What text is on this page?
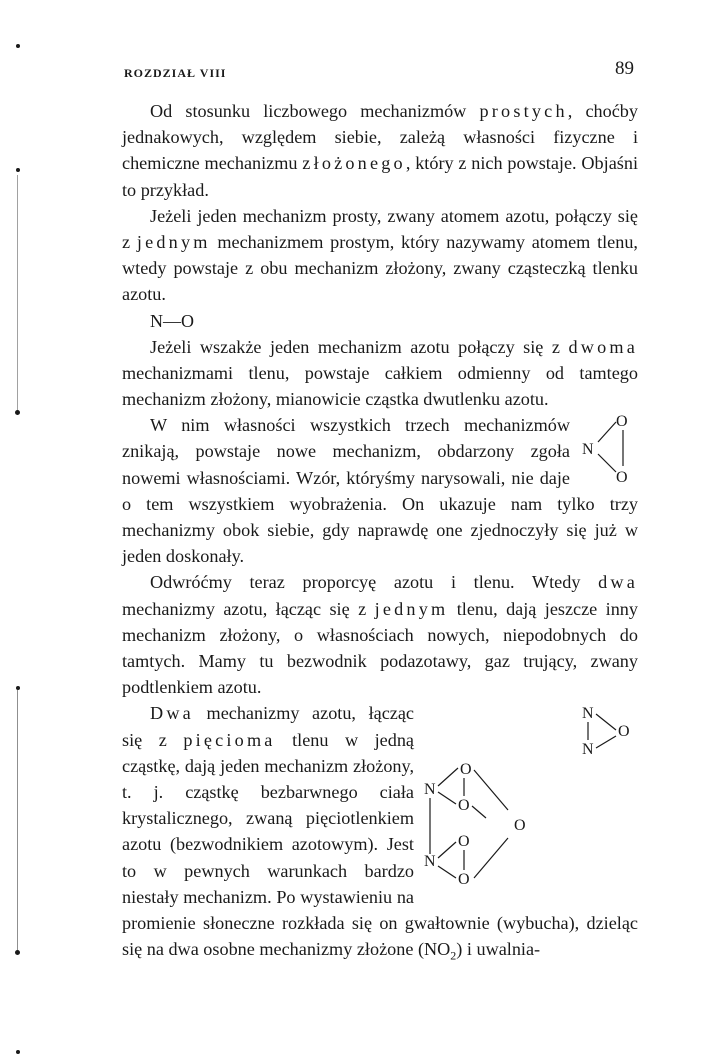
ROZDZIAŁ VIII	89

Od stosunku liczbowego mechanizmów prostych, choćby jednakowych, względem siebie, zależą własności fizyczne i chemiczne mechanizmu złożonego, który z nich powstaje. Objaśni to przykład.

Jeżeli jeden mechanizm prosty, zwany atomem azotu, połączy się z jednym mechanizmem prostym, który nazywamy atomem tlenu, wtedy powstaje z obu mechanizm złożony, zwany cząsteczką tlenku azotu.

N—O

Jeżeli wszakże jeden mechanizm azotu połączy się z dwoma mechanizmami tlenu, powstaje całkiem odmienny od tamtego mechanizm złożony, mianowicie cząstka dwutlenku azotu.

O
N
O

W nim własności wszystkich trzech mechanizmów znikają, powstaje nowe mechanizm, obdarzony zgoła nowemi własnościami. Wzór, któryśmy narysowali, nie daje o tem wszystkiem wyobrażenia. On ukazuje nam tylko trzy mechanizmy obok siebie, gdy naprawdę one zjednoczyły się już w jeden doskonały.

Odwróćmy teraz proporcyę azotu i tlenu. Wtedy dwa mechanizmy azotu, łącząc się z jednym tlenu, dają jeszcze inny mechanizm złożony, o własnościach nowych, niepodobnych do tamtych. Mamy tu bezwodnik podazotawy, gaz trujący, zwany podtlenkiem azotu.

N
O
N
O
N
O
O
O
N
O

Dwa mechanizmy azotu, łącząc się z pięcioma tlenu w jedną cząstkę, dają jeden mechanizm złożony, t. j. cząstkę bezbarwnego ciała krystalicznego, zwaną pięciotlenkiem azotu (bezwodnikiem azotowym). Jest to w pewnych warunkach bardzo niestały mechanizm. Po wystawieniu na promienie słoneczne rozkłada się on gwałtownie (wybucha), dzieląc się na dwa osobne mechanizmy złożone $(NO_2)$ i uwalnia-
